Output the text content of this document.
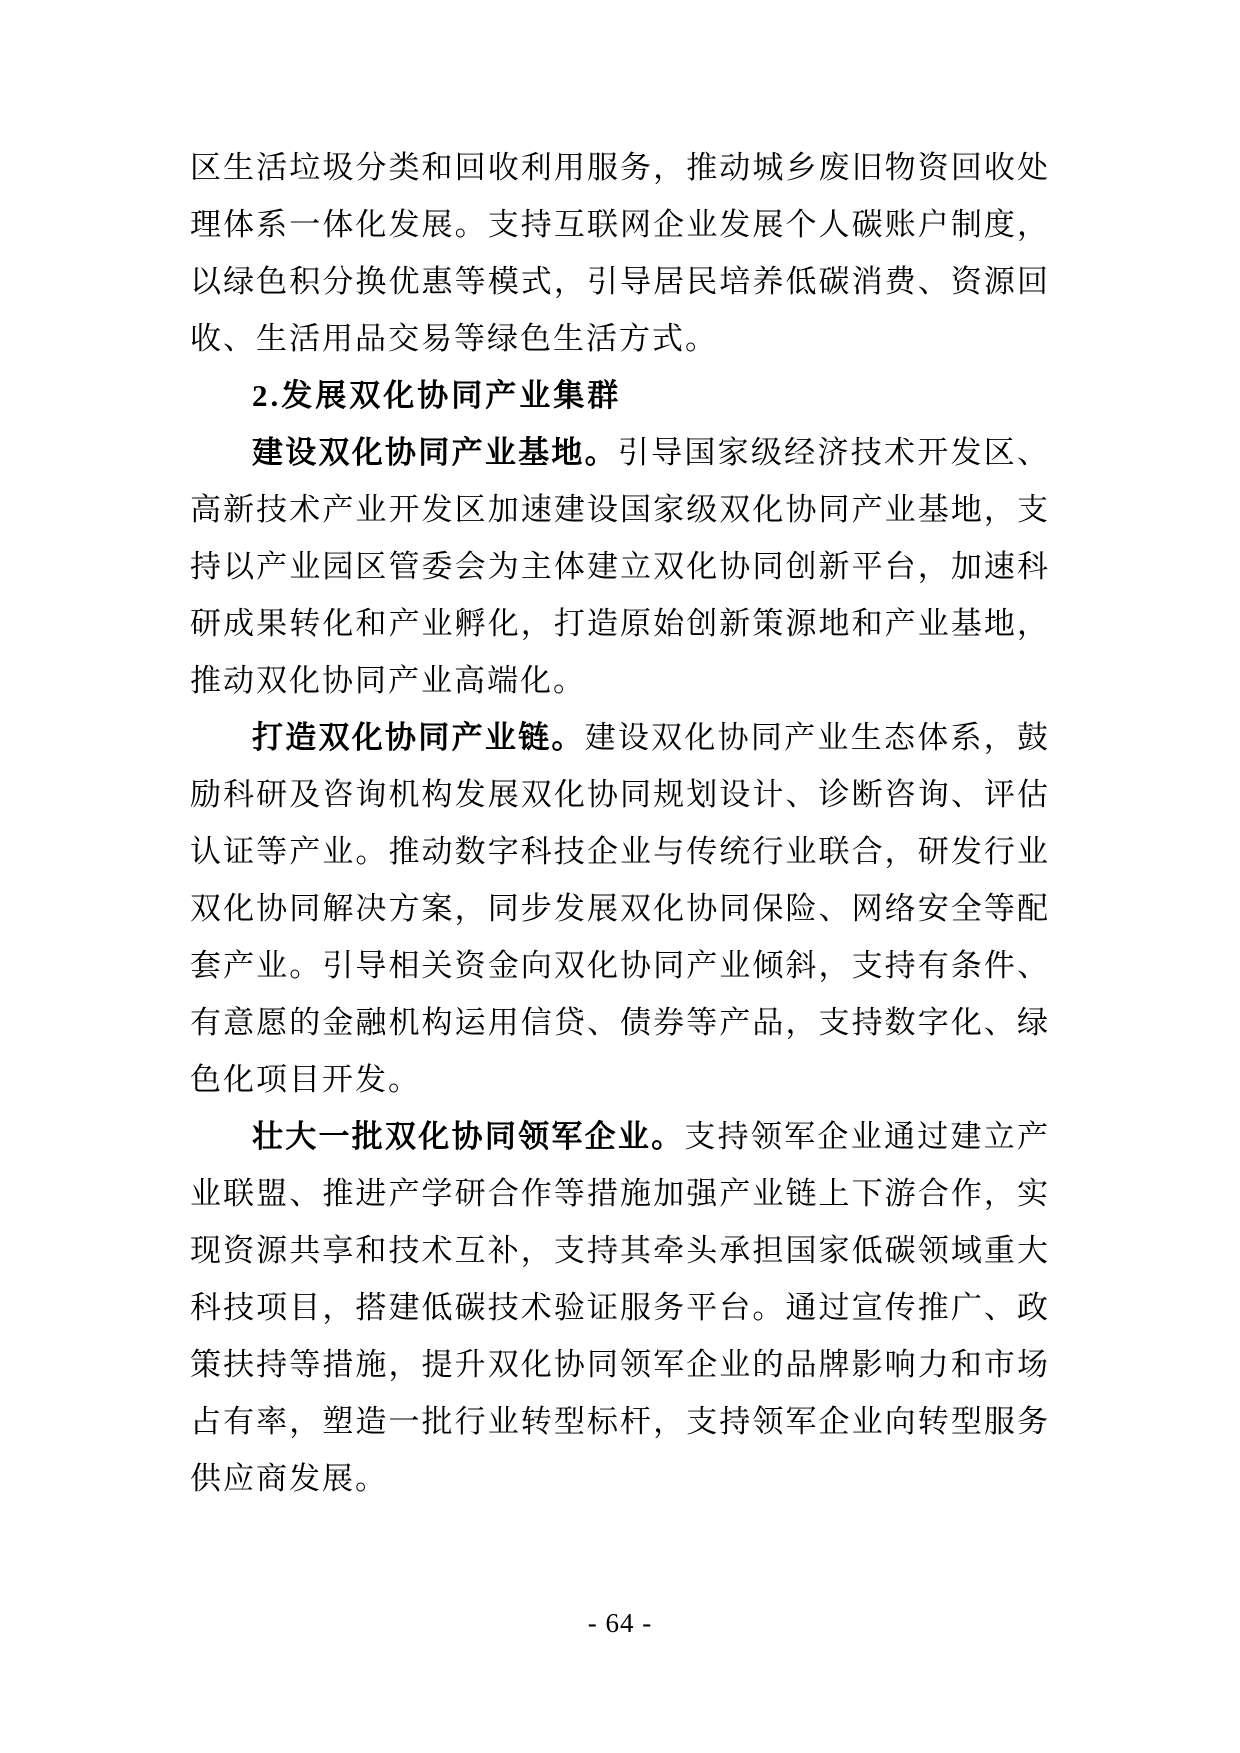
区生活垃圾分类和回收利用服务，推动城乡废旧物资回收处理体系一体化发展。支持互联网企业发展个人碳账户制度，以绿色积分换优惠等模式，引导居民培养低碳消费、资源回收、生活用品交易等绿色生活方式。

2.发展双化协同产业集群

建设双化协同产业基地。引导国家级经济技术开发区、高新技术产业开发区加速建设国家级双化协同产业基地，支持以产业园区管委会为主体建立双化协同创新平台，加速科研成果转化和产业孵化，打造原始创新策源地和产业基地，推动双化协同产业高端化。

打造双化协同产业链。建设双化协同产业生态体系，鼓励科研及咨询机构发展双化协同规划设计、诊断咨询、评估认证等产业。推动数字科技企业与传统行业联合，研发行业双化协同解决方案，同步发展双化协同保险、网络安全等配套产业。引导相关资金向双化协同产业倾斜，支持有条件、有意愿的金融机构运用信贷、债券等产品，支持数字化、绿色化项目开发。

壮大一批双化协同领军企业。支持领军企业通过建立产业联盟、推进产学研合作等措施加强产业链上下游合作，实现资源共享和技术互补，支持其牵头承担国家低碳领域重大科技项目，搭建低碳技术验证服务平台。通过宣传推广、政策扶持等措施，提升双化协同领军企业的品牌影响力和市场占有率，塑造一批行业转型标杆，支持领军企业向转型服务供应商发展。

- 64 -
